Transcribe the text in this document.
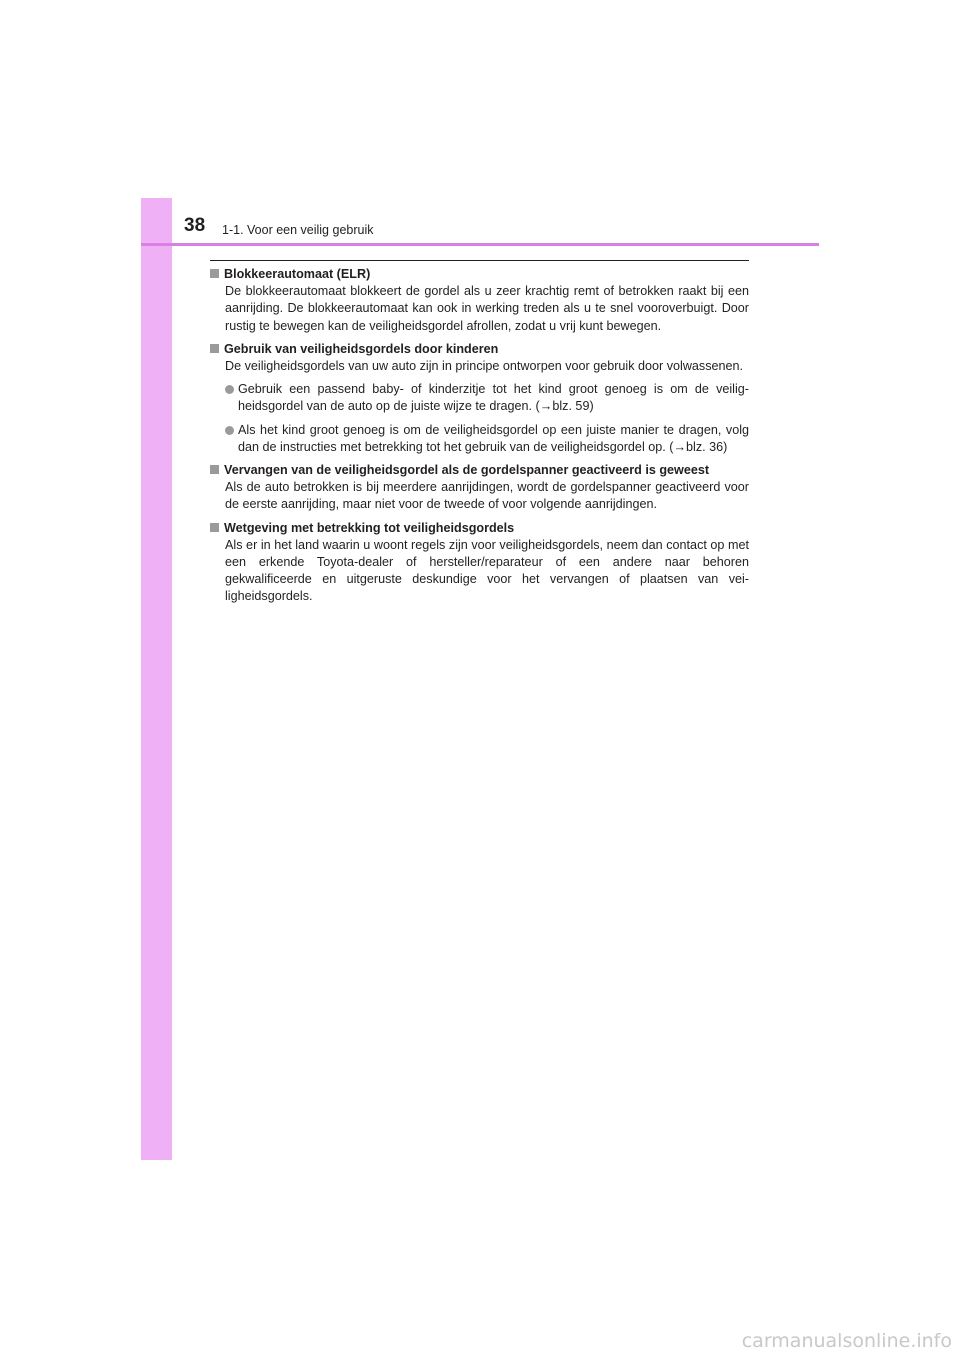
38 1-1. Voor een veilig gebruik
Blokkeerautomaat (ELR)
De blokkeerautomaat blokkeert de gordel als u zeer krachtig remt of betrokken raakt bij een aanrijding. De blokkeerautomaat kan ook in werking treden als u te snel vooroverbuigt. Door rustig te bewegen kan de veiligheidsgordel afrollen, zodat u vrij kunt bewegen.
Gebruik van veiligheidsgordels door kinderen
De veiligheidsgordels van uw auto zijn in principe ontworpen voor gebruik door volwassenen.
Gebruik een passend baby- of kinderzitje tot het kind groot genoeg is om de veiligheidsgordel van de auto op de juiste wijze te dragen. (→blz. 59)
Als het kind groot genoeg is om de veiligheidsgordel op een juiste manier te dragen, volg dan de instructies met betrekking tot het gebruik van de veiligheidsgordel op. (→blz. 36)
Vervangen van de veiligheidsgordel als de gordelspanner geactiveerd is geweest
Als de auto betrokken is bij meerdere aanrijdingen, wordt de gordelspanner geactiveerd voor de eerste aanrijding, maar niet voor de tweede of voor volgende aanrijdingen.
Wetgeving met betrekking tot veiligheidsgordels
Als er in het land waarin u woont regels zijn voor veiligheidsgordels, neem dan contact op met een erkende Toyota-dealer of hersteller/reparateur of een andere naar behoren gekwalificeerde en uitgeruste deskundige voor het vervangen of plaatsen van veiligheidsgordels.
carmanualsonline.info
